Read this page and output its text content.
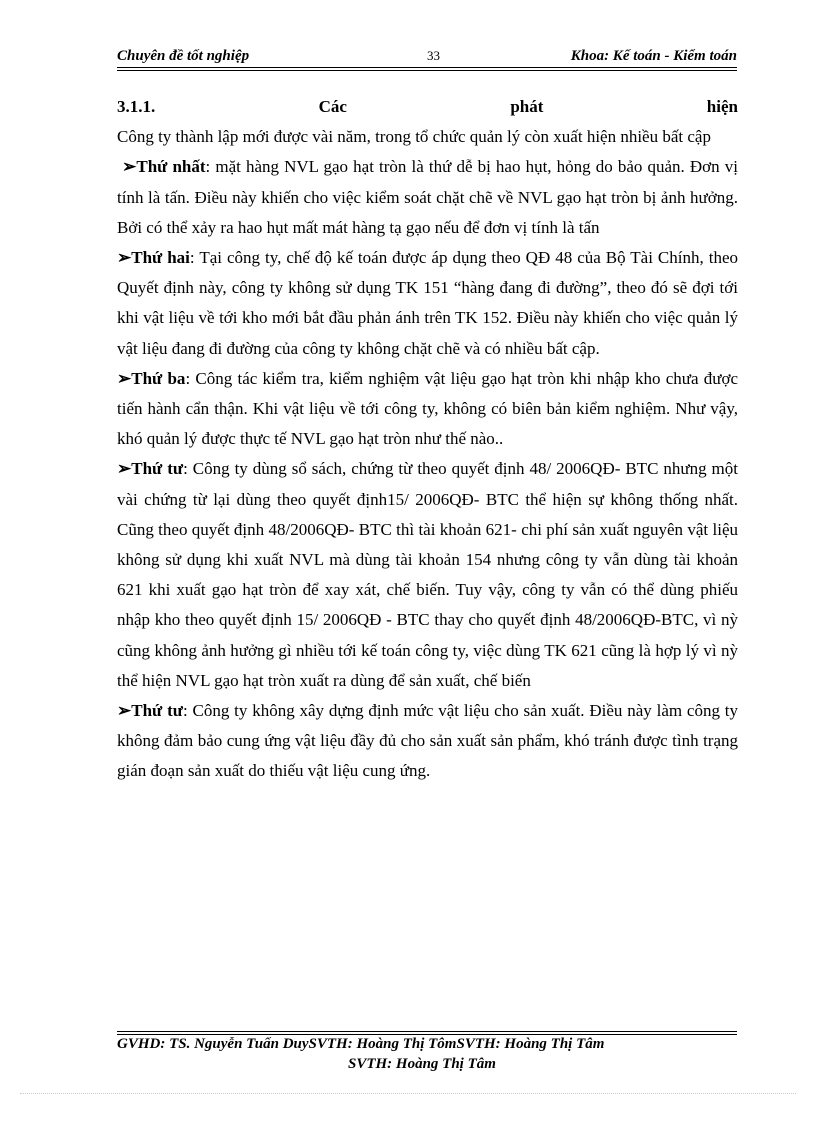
Chuyên đề tốt nghiệp	33	Khoa: Kế toán - Kiểm toán

3.1.1.	Các	phát	hiện

Công ty thành lập mới được vài năm, trong tổ chức quản lý còn xuất hiện nhiều bất cập

➢Thứ nhất: mặt hàng NVL gạo hạt tròn là thứ dễ bị hao hụt, hỏng do bảo quản. Đơn vị tính là tấn. Điều này khiến cho việc kiểm soát chặt chẽ về NVL gạo hạt tròn bị ảnh hưởng. Bởi có thể xảy ra hao hụt mất mát hàng tạ gạo nếu để đơn vị tính là tấn

➢Thứ hai: Tại công ty, chế độ kế toán được áp dụng theo QĐ 48 của Bộ Tài Chính, theo Quyết định này, công ty không sử dụng TK 151 “hàng đang đi đường”, theo đó sẽ đợi tới khi vật liệu về tới kho mới bắt đầu phản ánh trên TK 152. Điều này khiến cho việc quản lý vật liệu đang đi đường của công ty không chặt chẽ và có nhiều bất cập.

➢Thứ ba: Công tác kiểm tra, kiểm nghiệm vật liệu gạo hạt tròn khi nhập kho chưa được tiến hành cẩn thận. Khi vật liệu về tới công ty, không có biên bản kiểm nghiệm. Như vậy, khó quản lý được thực tế NVL gạo hạt tròn như thế nào..

➢Thứ tư: Công ty dùng sổ sách, chứng từ theo quyết định 48/ 2006QĐ- BTC nhưng một vài chứng từ lại dùng theo quyết định15/ 2006QĐ- BTC thể hiện sự không thống nhất. Cũng theo quyết định 48/2006QĐ- BTC thì tài khoản 621- chi phí sản xuất nguyên vật liệu không sử dụng khi xuất NVL mà dùng tài khoản 154 nhưng công ty vẫn dùng tài khoản 621 khi xuất gạo hạt tròn để xay xát, chế biến. Tuy vậy, công ty vẫn có thể dùng phiếu nhập kho theo quyết định 15/ 2006QĐ - BTC thay cho quyết định 48/2006QĐ-BTC, vì nỳ cũng không ảnh hưởng gì nhiều tới kế toán công ty, việc dùng TK 621 cũng là hợp lý vì nỳ thể hiện NVL gạo hạt tròn xuất ra dùng để sản xuất, chế biến

➢Thứ tư: Công ty không xây dựng định mức vật liệu cho sản xuất. Điều này làm công ty không đảm bảo cung ứng vật liệu đầy đủ cho sản xuất sản phẩm, khó tránh được tình trạng gián đoạn sản xuất do thiếu vật liệu cung ứng.

GVHD: TS. Nguyễn Tuấn DuySVTH: Hoàng Thị TômSVTH: Hoàng Thị Tâm
SVTH: Hoàng Thị Tâm
